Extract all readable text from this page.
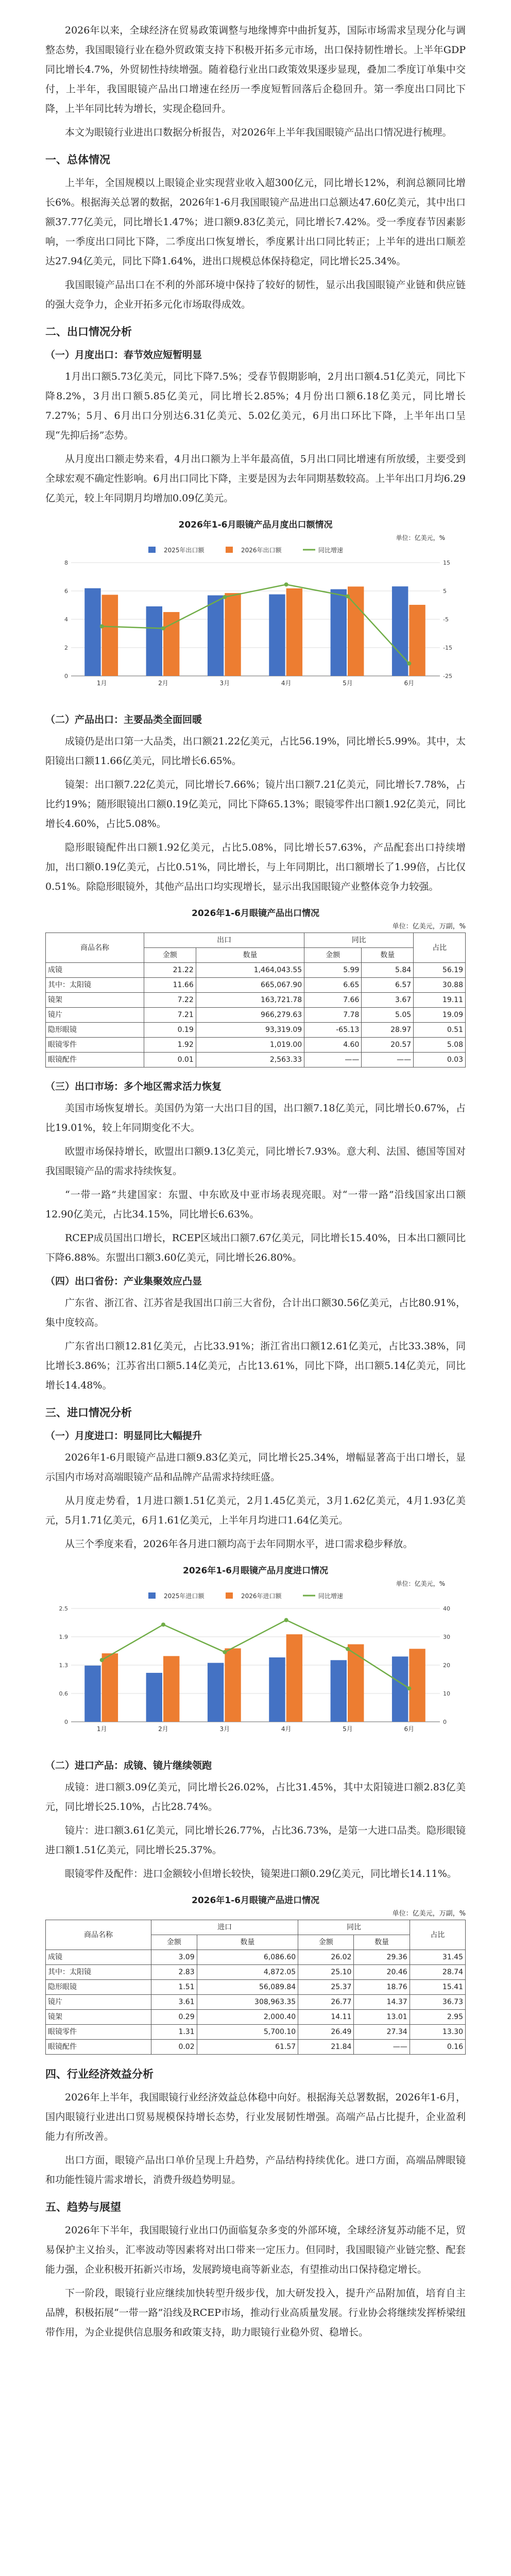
2026年以来，全球经济在贸易政策调整与地缘博弈中曲折复苏，国际市场需求呈现分化与调整态势，我国眼镜行业在稳外贸政策支持下积极开拓多元市场，出口保持韧性增长。上半年GDP同比增长4.7%，外贸韧性持续增强。随着稳行业出口政策效果逐步显现，叠加二季度订单集中交付，上半年，我国眼镜产品出口增速在经历一季度短暂回落后企稳回升。第一季度出口同比下降，上半年同比转为增长，实现企稳回升。

本文为眼镜行业进出口数据分析报告，对2026年上半年我国眼镜产品出口情况进行梳理。

一、总体情况

上半年，全国规模以上眼镜企业实现营业收入超300亿元，同比增长12%，利润总额同比增长6%。根据海关总署的数据，2026年1-6月我国眼镜产品进出口总额达47.60亿美元，其中出口额37.77亿美元，同比增长1.47%；进口额9.83亿美元，同比增长7.42%。受一季度春节因素影响，一季度出口同比下降，二季度出口恢复增长，季度累计出口同比转正；上半年的进出口顺差达27.94亿美元，同比下降1.64%，进出口规模总体保持稳定，同比增长25.34%。

我国眼镜产品出口在不利的外部环境中保持了较好的韧性，显示出我国眼镜产业链和供应链的强大竞争力，企业开拓多元化市场取得成效。

二、出口情况分析
（一）月度出口：春节效应短暂明显

1月出口额5.73亿美元，同比下降7.5%；受春节假期影响，2月出口额4.51亿美元，同比下降8.2%，3月出口额5.85亿美元，同比增长2.85%；4月份出口额6.18亿美元，同比增长7.27%；5月、6月出口分别达6.31亿美元、5.02亿美元，6月出口环比下降，上半年出口呈现“先抑后扬”态势。

从月度出口额走势来看，4月出口额为上半年最高值，5月出口同比增速有所放缓，主要受到全球宏观不确定性影响。6月出口同比下降，主要是因为去年同期基数较高。上半年出口月均6.29亿美元，较上年同期月均增加0.09亿美元。

2026年1-6月眼镜产品月度出口额情况
单位：亿美元，%
2025年出口额	2026年出口额	同比增速
0	-25
2	-15
4	-5
6	5
8	15
1月	2月	3月	4月	5月	6月
（二）产品出口：主要品类全面回暖

成镜仍是出口第一大品类，出口额21.22亿美元，占比56.19%，同比增长5.99%。其中，太阳镜出口额11.66亿美元，同比增长6.65%。

镜架：出口额7.22亿美元，同比增长7.66%；镜片出口额7.21亿美元，同比增长7.78%，占比约19%；随形眼镜出口额0.19亿美元，同比下降65.13%；眼镜零件出口额1.92亿美元，同比增长4.60%，占比5.08%。

隐形眼镜配件出口额1.92亿美元，占比5.08%，同比增长57.63%，产品配套出口持续增加，出口额0.19亿美元，占比0.51%，同比增长，与上年同期比，出口额增长了1.99倍，占比仅0.51%。除隐形眼镜外，其他产品出口均实现增长，显示出我国眼镜产业整体竞争力较强。

2026年1-6月眼镜产品出口情况
单位：亿美元，万副，%
商品名称	出口		同比		占比
	金额	数量	金额	数量	
成镜	21.22	1,464,043.55	5.99	5.84	56.19
其中：太阳镜	11.66	665,067.90	6.65	6.57	30.88
镜架	7.22	163,721.78	7.66	3.67	19.11
镜片	7.21	966,279.63	7.78	5.05	19.09
隐形眼镜	0.19	93,319.09	-65.13	28.97	0.51
眼镜零件	1.92	1,019.00	4.60	20.57	5.08
眼镜配件	0.01	2,563.33	——	——	0.03
（三）出口市场：多个地区需求活力恢复

美国市场恢复增长。美国仍为第一大出口目的国，出口额7.18亿美元，同比增长0.67%，占比19.01%，较上年同期变化不大。

欧盟市场保持增长，欧盟出口额9.13亿美元，同比增长7.93%。意大利、法国、德国等国对我国眼镜产品的需求持续恢复。

“一带一路”共建国家：东盟、中东欧及中亚市场表现亮眼。对“一带一路”沿线国家出口额12.90亿美元，占比34.15%，同比增长6.63%。

RCEP成员国出口增长，RCEP区域出口额7.67亿美元，同比增长15.40%，日本出口额同比下降6.88%。东盟出口额3.60亿美元，同比增长26.80%。

（四）出口省份：产业集聚效应凸显

广东省、浙江省、江苏省是我国出口前三大省份，合计出口额30.56亿美元，占比80.91%，集中度较高。

广东省出口额12.81亿美元，占比33.91%；浙江省出口额12.61亿美元，占比33.38%，同比增长3.86%；江苏省出口额5.14亿美元，占比13.61%，同比下降，出口额5.14亿美元，同比增长14.48%。

三、进口情况分析
（一）月度进口：明显同比大幅提升

2026年1-6月眼镜产品进口额9.83亿美元，同比增长25.34%，增幅显著高于出口增长，显示国内市场对高端眼镜产品和品牌产品需求持续旺盛。

从月度走势看，1月进口额1.51亿美元，2月1.45亿美元，3月1.62亿美元，4月1.93亿美元，5月1.71亿美元，6月1.61亿美元，上半年月均进口1.64亿美元。

从三个季度来看，2026年各月进口额均高于去年同期水平，进口需求稳步释放。

2026年1-6月眼镜产品月度进口情况
单位：亿美元，%
2025年进口额	2026年进口额	同比增速
0	0
0.6	10
1.3	20
1.9	30
2.5	40
1月	2月	3月	4月	5月	6月
（二）进口产品：成镜、镜片继续领跑

成镜：进口额3.09亿美元，同比增长26.02%，占比31.45%，其中太阳镜进口额2.83亿美元，同比增长25.10%，占比28.74%。

镜片：进口额3.61亿美元，同比增长26.77%，占比36.73%，是第一大进口品类。隐形眼镜进口额1.51亿美元，同比增长25.37%。

眼镜零件及配件：进口金额较小但增长较快，镜架进口额0.29亿美元，同比增长14.11%。

2026年1-6月眼镜产品进口情况
单位：亿美元，万副，%
商品名称	进口		同比		占比
	金额	数量	金额	数量	
成镜	3.09	6,086.60	26.02	29.36	31.45
其中：太阳镜	2.83	4,872.05	25.10	20.46	28.74
隐形眼镜	1.51	56,089.84	25.37	18.76	15.41
镜片	3.61	308,963.35	26.77	14.37	36.73
镜架	0.29	2,000.40	14.11	13.01	2.95
眼镜零件	1.31	5,700.10	26.49	27.34	13.30
眼镜配件	0.02	61.57	21.84	——	0.16
四、行业经济效益分析

2026年上半年，我国眼镜行业经济效益总体稳中向好。根据海关总署数据，2026年1-6月，国内眼镜行业进出口贸易规模保持增长态势，行业发展韧性增强。高端产品占比提升，企业盈利能力有所改善。

出口方面，眼镜产品出口单价呈现上升趋势，产品结构持续优化。进口方面，高端品牌眼镜和功能性镜片需求增长，消费升级趋势明显。

五、趋势与展望

2026年下半年，我国眼镜行业出口仍面临复杂多变的外部环境，全球经济复苏动能不足，贸易保护主义抬头，汇率波动等因素将对出口带来一定压力。但同时，我国眼镜产业链完整、配套能力强，企业积极开拓新兴市场，发展跨境电商等新业态，有望推动出口保持稳定增长。

下一阶段，眼镜行业应继续加快转型升级步伐，加大研发投入，提升产品附加值，培育自主品牌，积极拓展“一带一路”沿线及RCEP市场，推动行业高质量发展。行业协会将继续发挥桥梁纽带作用，为企业提供信息服务和政策支持，助力眼镜行业稳外贸、稳增长。
